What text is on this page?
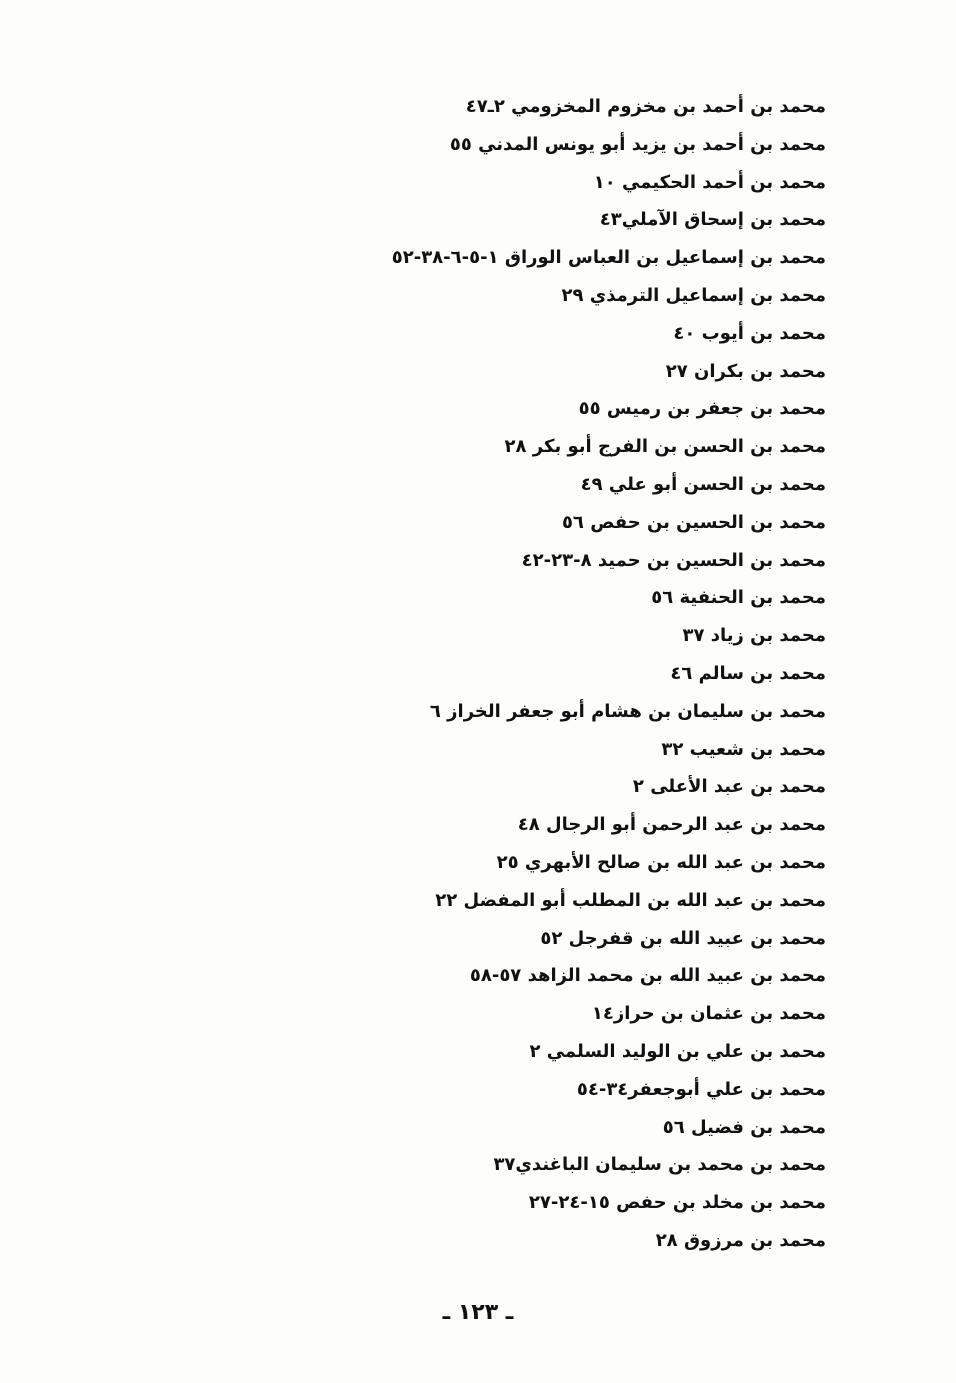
محمد بن أحمد بن مخزوم المخزومي ٢ـ٤٧
محمد بن أحمد بن يزيد أبو يونس المدني ٥٥
محمد بن أحمد الحكيمي ١٠
محمد بن إسحاق الآملي٤٣
محمد بن إسماعيل بن العباس الوراق ١-٥-٦-٣٨-٥٢
محمد بن إسماعيل الترمذي ٢٩
محمد بن أيوب ٤٠
محمد بن بكران ٢٧
محمد بن جعفر بن رميس ٥٥
محمد بن الحسن بن الفرج أبو بكر ٢٨
محمد بن الحسن أبو علي ٤٩
محمد بن الحسين بن حفص ٥٦
محمد بن الحسين بن حميد ٨-٢٣-٤٢
محمد بن الحنفية ٥٦
محمد بن زياد ٣٧
محمد بن سالم ٤٦
محمد بن سليمان بن هشام أبو جعفر الخراز ٦
محمد بن شعيب ٣٢
محمد بن عبد الأعلى ٢
محمد بن عبد الرحمن أبو الرجال ٤٨
محمد بن عبد الله بن صالح الأبهري ٢٥
محمد بن عبد الله بن المطلب أبو المفضل ٢٢
محمد بن عبيد الله بن قفرجل ٥٢
محمد بن عبيد الله بن محمد الزاهد ٥٧-٥٨
محمد بن عثمان بن حراز١٤
محمد بن علي بن الوليد السلمي ٢
محمد بن علي أبوجعفر٣٤-٥٤
محمد بن فضيل ٥٦
محمد بن محمد بن سليمان الباغندي٣٧
محمد بن مخلد بن حفص ١٥-٢٤-٢٧
محمد بن مرزوق ٢٨
ـ ١٢٣ ـ
